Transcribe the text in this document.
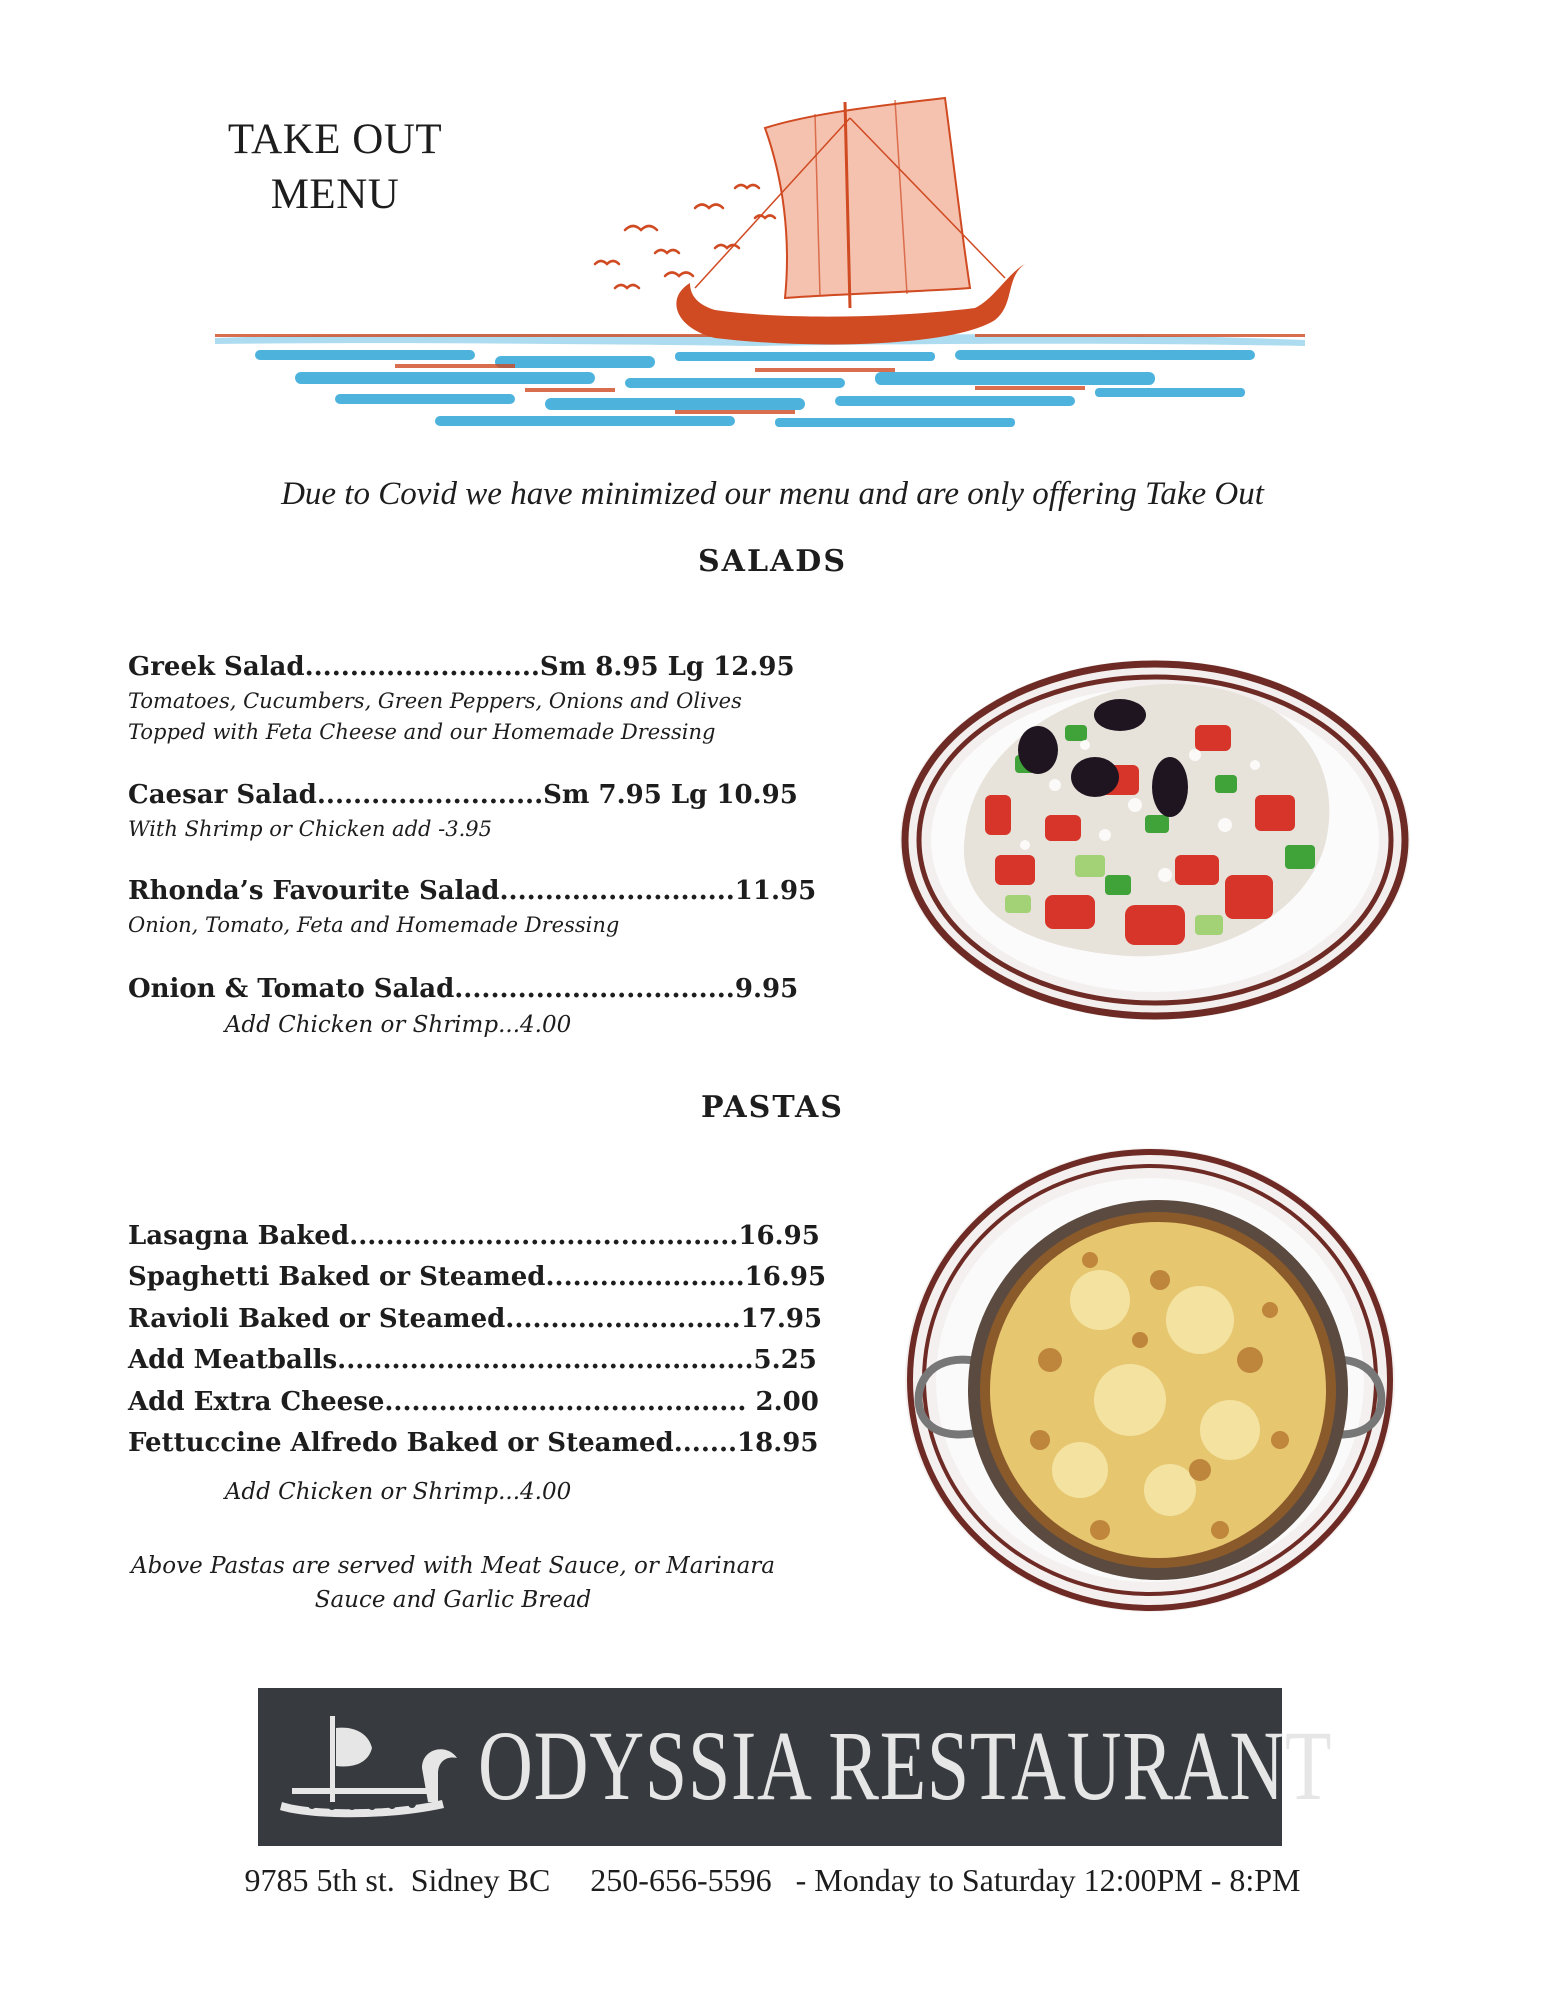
TAKE OUT
MENU
Due to Covid we have minimized our menu and are only offering Take Out
SALADS
Greek Salad..........................Sm 8.95 Lg 12.95
Tomatoes, Cucumbers, Green Peppers, Onions and Olives
Topped with Feta Cheese and our Homemade Dressing
Caesar Salad.........................Sm 7.95 Lg 10.95
With Shrimp or Chicken add -3.95
Rhonda’s Favourite Salad..........................11.95
Onion, Tomato, Feta and Homemade Dressing
Onion & Tomato Salad...............................9.95
Add Chicken or Shrimp...4.00
PASTAS
Lasagna Baked...........................................16.95
Spaghetti Baked or Steamed......................16.95
Ravioli Baked or Steamed..........................17.95
Add Meatballs..............................................5.25
Add Extra Cheese........................................ 2.00
Fettuccine Alfredo Baked or Steamed.......18.95
Add Chicken or Shrimp...4.00
Above Pastas are served with Meat Sauce, or Marinara
Sauce and Garlic Bread
ODYSSIA RESTAURANT
9785 5th st.  Sidney BC     250-656-5596   - Monday to Saturday 12:00PM - 8:PM
